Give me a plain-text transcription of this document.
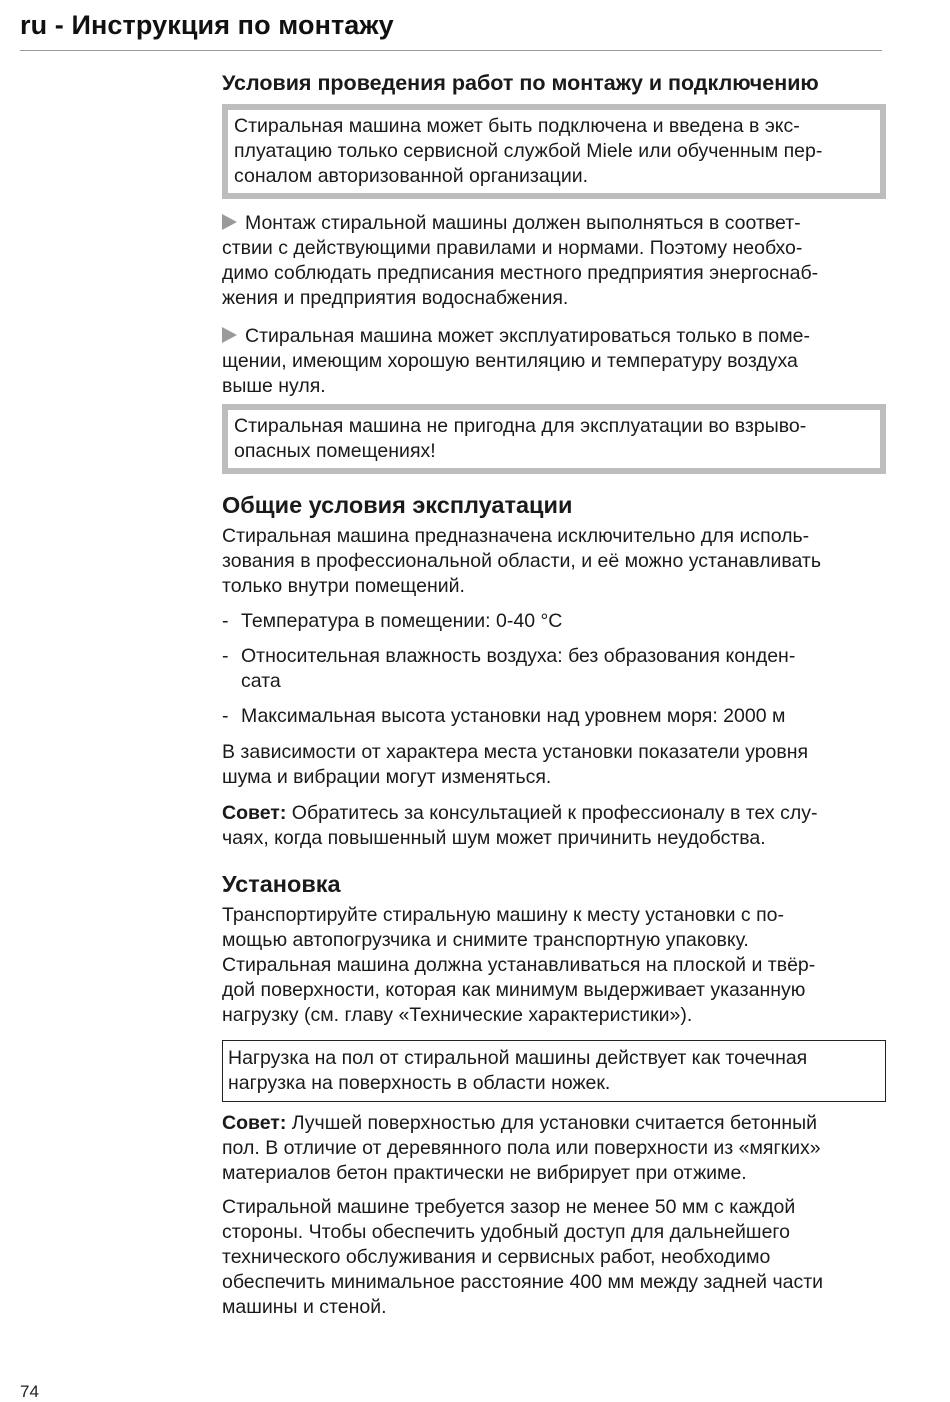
ru - Инструкция по монтажу
Условия проведения работ по монтажу и подключению
Стиральная машина может быть подключена и введена в экс-
плуатацию только сервисной службой Miele или обученным пер-
соналом авторизованной организации.
Монтаж стиральной машины должен выполняться в соответ-
ствии с действующими правилами и нормами. Поэтому необхо-
димо соблюдать предписания местного предприятия энергоснаб-
жения и предприятия водоснабжения.
Стиральная машина может эксплуатироваться только в поме-
щении, имеющим хорошую вентиляцию и температуру воздуха
выше нуля.
Стиральная машина не пригодна для эксплуатации во взрыво-
опасных помещениях!
Общие условия эксплуатации
Стиральная машина предназначена исключительно для исполь-
зования в профессиональной области, и её можно устанавливать
только внутри помещений.
- Температура в помещении: 0-40 °C
- Относительная влажность воздуха: без образования конден-
сата
- Максимальная высота установки над уровнем моря: 2000 м
В зависимости от характера места установки показатели уровня
шума и вибрации могут изменяться.
Совет: Обратитесь за консультацией к профессионалу в тех слу-
чаях, когда повышенный шум может причинить неудобства.
Установка
Транспортируйте стиральную машину к месту установки с по-
мощью автопогрузчика и снимите транспортную упаковку.
Стиральная машина должна устанавливаться на плоской и твёр-
дой поверхности, которая как минимум выдерживает указанную
нагрузку (см. главу «Технические характеристики»).
Нагрузка на пол от стиральной машины действует как точечная
нагрузка на поверхность в области ножек.
Совет: Лучшей поверхностью для установки считается бетонный
пол. В отличие от деревянного пола или поверхности из «мягких»
материалов бетон практически не вибрирует при отжиме.
Стиральной машине требуется зазор не менее 50 мм с каждой
стороны. Чтобы обеспечить удобный доступ для дальнейшего
технического обслуживания и сервисных работ, необходимо
обеспечить минимальное расстояние 400 мм между задней части
машины и стеной.
74
